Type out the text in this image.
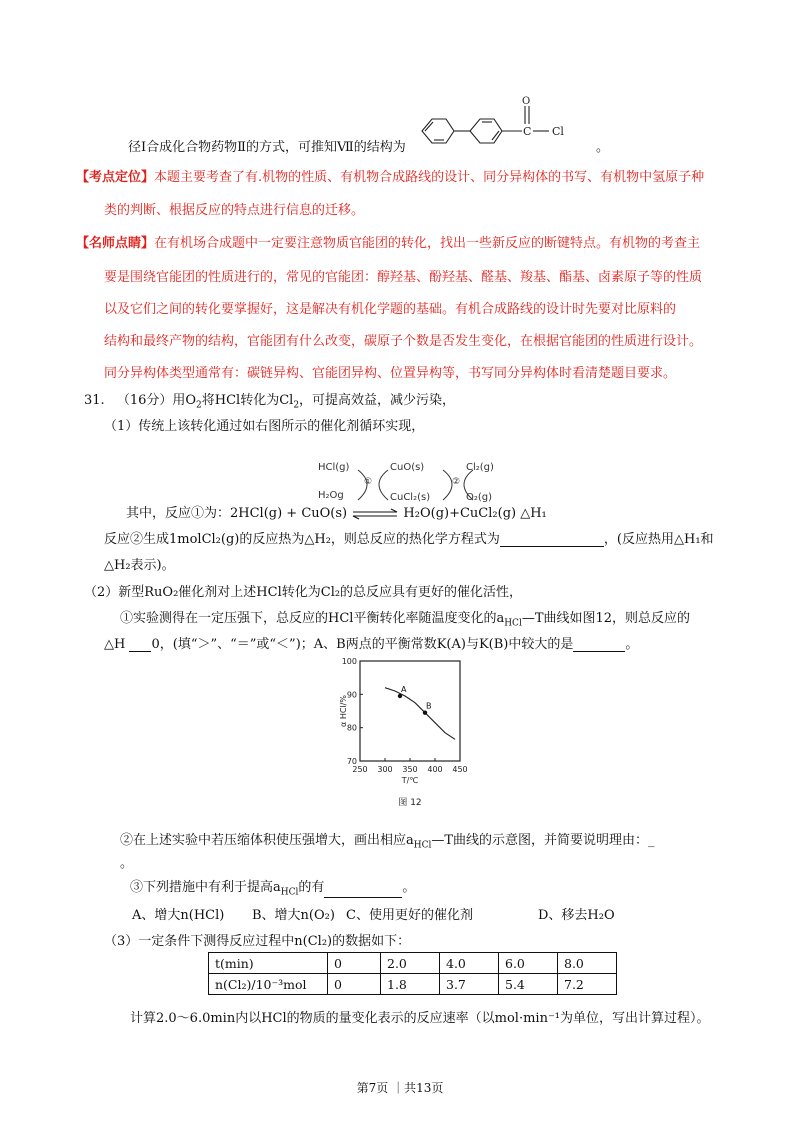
径Ⅰ合成化合物药物Ⅱ的方式，可推知Ⅶ的结构为
O
C Cl
。
【考点定位】本题主要考查了有.机物的性质、有机物合成路线的设计、同分异构体的书写、有机物中氢原子种
类的判断、根据反应的特点进行信息的迁移。
【名师点睛】在有机场合成题中一定要注意物质官能团的转化，找出一些新反应的断键特点。有机物的考查主
要是围绕官能团的性质进行的，常见的官能团：醇羟基、酚羟基、醛基、羧基、酯基、卤素原子等的性质
以及它们之间的转化要掌握好，这是解决有机化学题的基础。有机合成路线的设计时先要对比原料的
结构和最终产物的结构，官能团有什么改变，碳原子个数是否发生变化，在根据官能团的性质进行设计。
同分异构体类型通常有：碳链异构、官能团异构、位置异构等，书写同分异构体时看清楚题目要求。
31. （16分）用$O_2$将HCl转化为$Cl_2$，可提高效益，减少污染，
（1）传统上该转化通过如右图所示的催化剂循环实现，
HCl(g)
H₂Og
CuO(s)
CuCl₂(s)
Cl₂(g)
O₂(g)
①	②
其中，反应①为：2HCl(g) + CuO(s) ⇌ H₂O(g)+CuCl₂(g) △H₁
反应②生成1molCl₂(g)的反应热为△H₂，则总反应的热化学方程式为	，(反应热用△H₁和
△H₂表示)。
（2）新型RuO₂催化剂对上述HCl转化为Cl₂的总反应具有更好的催化活性，
①实验测得在一定压强下，总反应的HCl平衡转化率随温度变化的$a_{HCl}—T$曲线如图12，则总反应的
△H 0，(填“＞”、“＝”或“＜”)；A、B两点的平衡常数K(A)与K(B)中较大的是	。
250 300 350 400 450
70
80
90
100
A
B
T/℃
α HCl/%
图 12
②在上述实验中若压缩体积使压强增大，画出相应$a_{HCl}—T$曲线的示意图，并简要说明理由：_
。
③下列措施中有利于提高$a_{HCl}$的有	。
A、增大n(HCl) B、增大n(O₂) C、使用更好的催化剂	D、移去H₂O
（3）一定条件下测得反应过程中n(Cl₂)的数据如下：
t(min)	0	2.0	4.0	6.0	8.0
n(Cl₂)/10⁻³mol	0	1.8	3.7	5.4	7.2
计算2.0～6.0min内以HCl的物质的量变化表示的反应速率（以mol·min⁻¹为单位，写出计算过程）。
第7页 ｜共13页
